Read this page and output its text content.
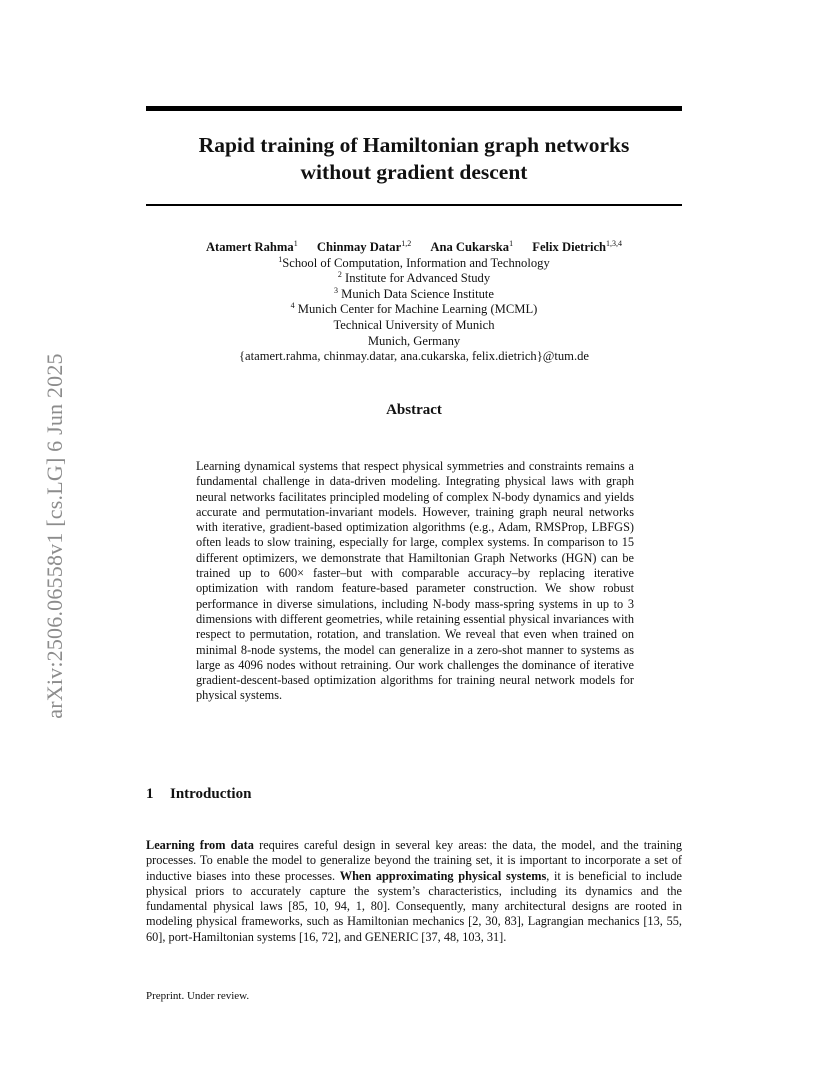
arXiv:2506.06558v1 [cs.LG] 6 Jun 2025
Rapid training of Hamiltonian graph networks
without gradient descent
Atamert Rahma$^1$ Chinmay Datar$^{1,2}$ Ana Cukarska$^1$ Felix Dietrich$^{1,3,4}$
$^1$School of Computation, Information and Technology
$^2$ Institute for Advanced Study
$^3$ Munich Data Science Institute
$^4$ Munich Center for Machine Learning (MCML)
Technical University of Munich
Munich, Germany
{atamert.rahma, chinmay.datar, ana.cukarska, felix.dietrich}@tum.de
Abstract
Learning dynamical systems that respect physical symmetries and constraints remains a fundamental challenge in data-driven modeling. Integrating physical laws with graph neural networks facilitates principled modeling of complex N-body dynamics and yields accurate and permutation-invariant models. However, training graph neural networks with iterative, gradient-based optimization algorithms (e.g., Adam, RMSProp, LBFGS) often leads to slow training, especially for large, complex systems. In comparison to 15 different optimizers, we demonstrate that Hamiltonian Graph Networks (HGN) can be trained up to 600× faster–but with comparable accuracy–by replacing iterative optimization with random feature-based parameter construction. We show robust performance in diverse simulations, including N-body mass-spring systems in up to 3 dimensions with different geometries, while retaining essential physical invariances with respect to permutation, rotation, and translation. We reveal that even when trained on minimal 8-node systems, the model can generalize in a zero-shot manner to systems as large as 4096 nodes without retraining. Our work challenges the dominance of iterative gradient-descent-based optimization algorithms for training neural network models for physical systems.
1 Introduction
Learning from data requires careful design in several key areas: the data, the model, and the training processes. To enable the model to generalize beyond the training set, it is important to incorporate a set of inductive biases into these processes. When approximating physical systems, it is beneficial to include physical priors to accurately capture the system’s characteristics, including its dynamics and the fundamental physical laws [85, 10, 94, 1, 80]. Consequently, many architectural designs are rooted in modeling physical frameworks, such as Hamiltonian mechanics [2, 30, 83], Lagrangian mechanics [13, 55, 60], port-Hamiltonian systems [16, 72], and GENERIC [37, 48, 103, 31].
Preprint. Under review.
